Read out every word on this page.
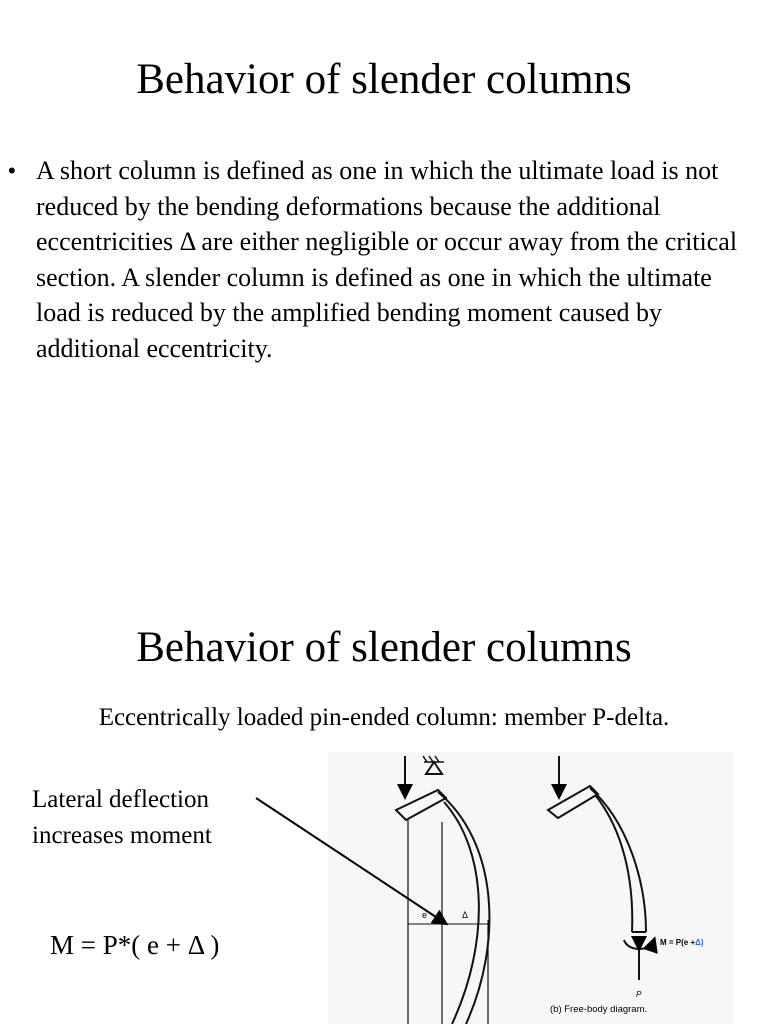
Behavior of slender columns
• A short column is defined as one in which the ultimate load is not reduced by the bending deformations because the additional eccentricities Δ are either negligible or occur away from the critical section. A slender column is defined as one in which the ultimate load is reduced by the amplified bending moment caused by additional eccentricity.
Behavior of slender columns
Eccentrically loaded pin-ended column: member P-delta.
Lateral deflection
increases moment
M = P*( e + Δ )
e	Δ
M = P(e +Δ)
P
(b) Free-body diagram.
